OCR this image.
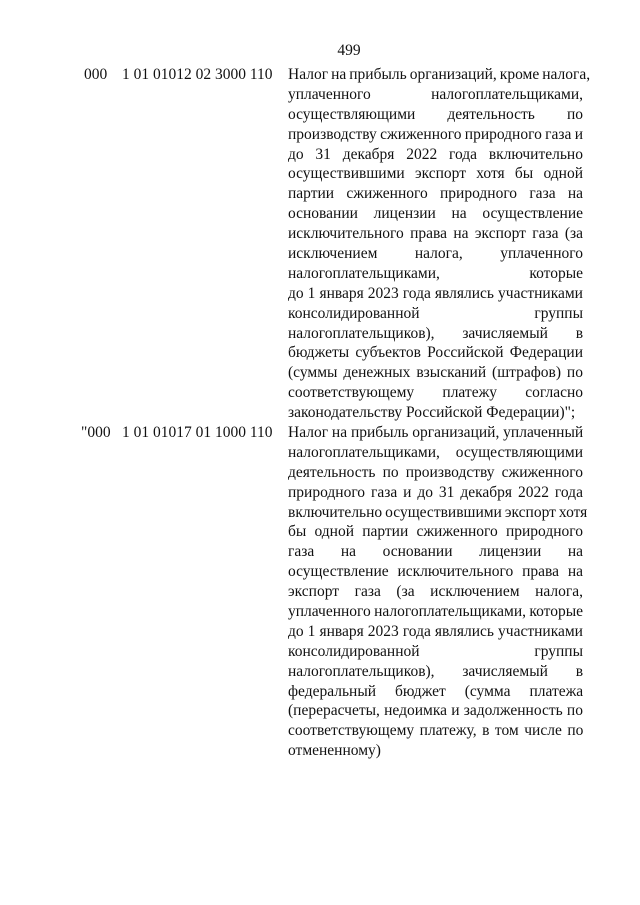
499
000 1 01 01012 02 3000 110 Налог на прибыль организаций, кроме налога,
уплаченного	налогоплательщиками,
осуществляющими деятельность по
производству сжиженного природного газа и
до 31 декабря 2022 года включительно
осуществившими экспорт хотя бы одной
партии сжиженного природного газа на
основании лицензии на осуществление
исключительного права на экспорт газа (за
исключением налога, уплаченного
налогоплательщиками,	которые
до 1 января 2023 года являлись участниками
консолидированной	группы
налогоплательщиков), зачисляемый в
бюджеты субъектов Российской Федерации
(суммы денежных взысканий (штрафов) по
соответствующему платежу согласно
законодательству Российской Федерации)";
"000 1 01 01017 01 1000 110 Налог на прибыль организаций, уплаченный
налогоплательщиками, осуществляющими
деятельность по производству сжиженного
природного газа и до 31 декабря 2022 года
включительно осуществившими экспорт хотя
бы одной партии сжиженного природного
газа на основании лицензии на
осуществление исключительного права на
экспорт газа (за исключением налога,
уплаченного налогоплательщиками, которые
до 1 января 2023 года являлись участниками
консолидированной	группы
налогоплательщиков), зачисляемый в
федеральный бюджет (сумма платежа
(перерасчеты, недоимка и задолженность по
соответствующему платежу, в том числе по
отмененному)
